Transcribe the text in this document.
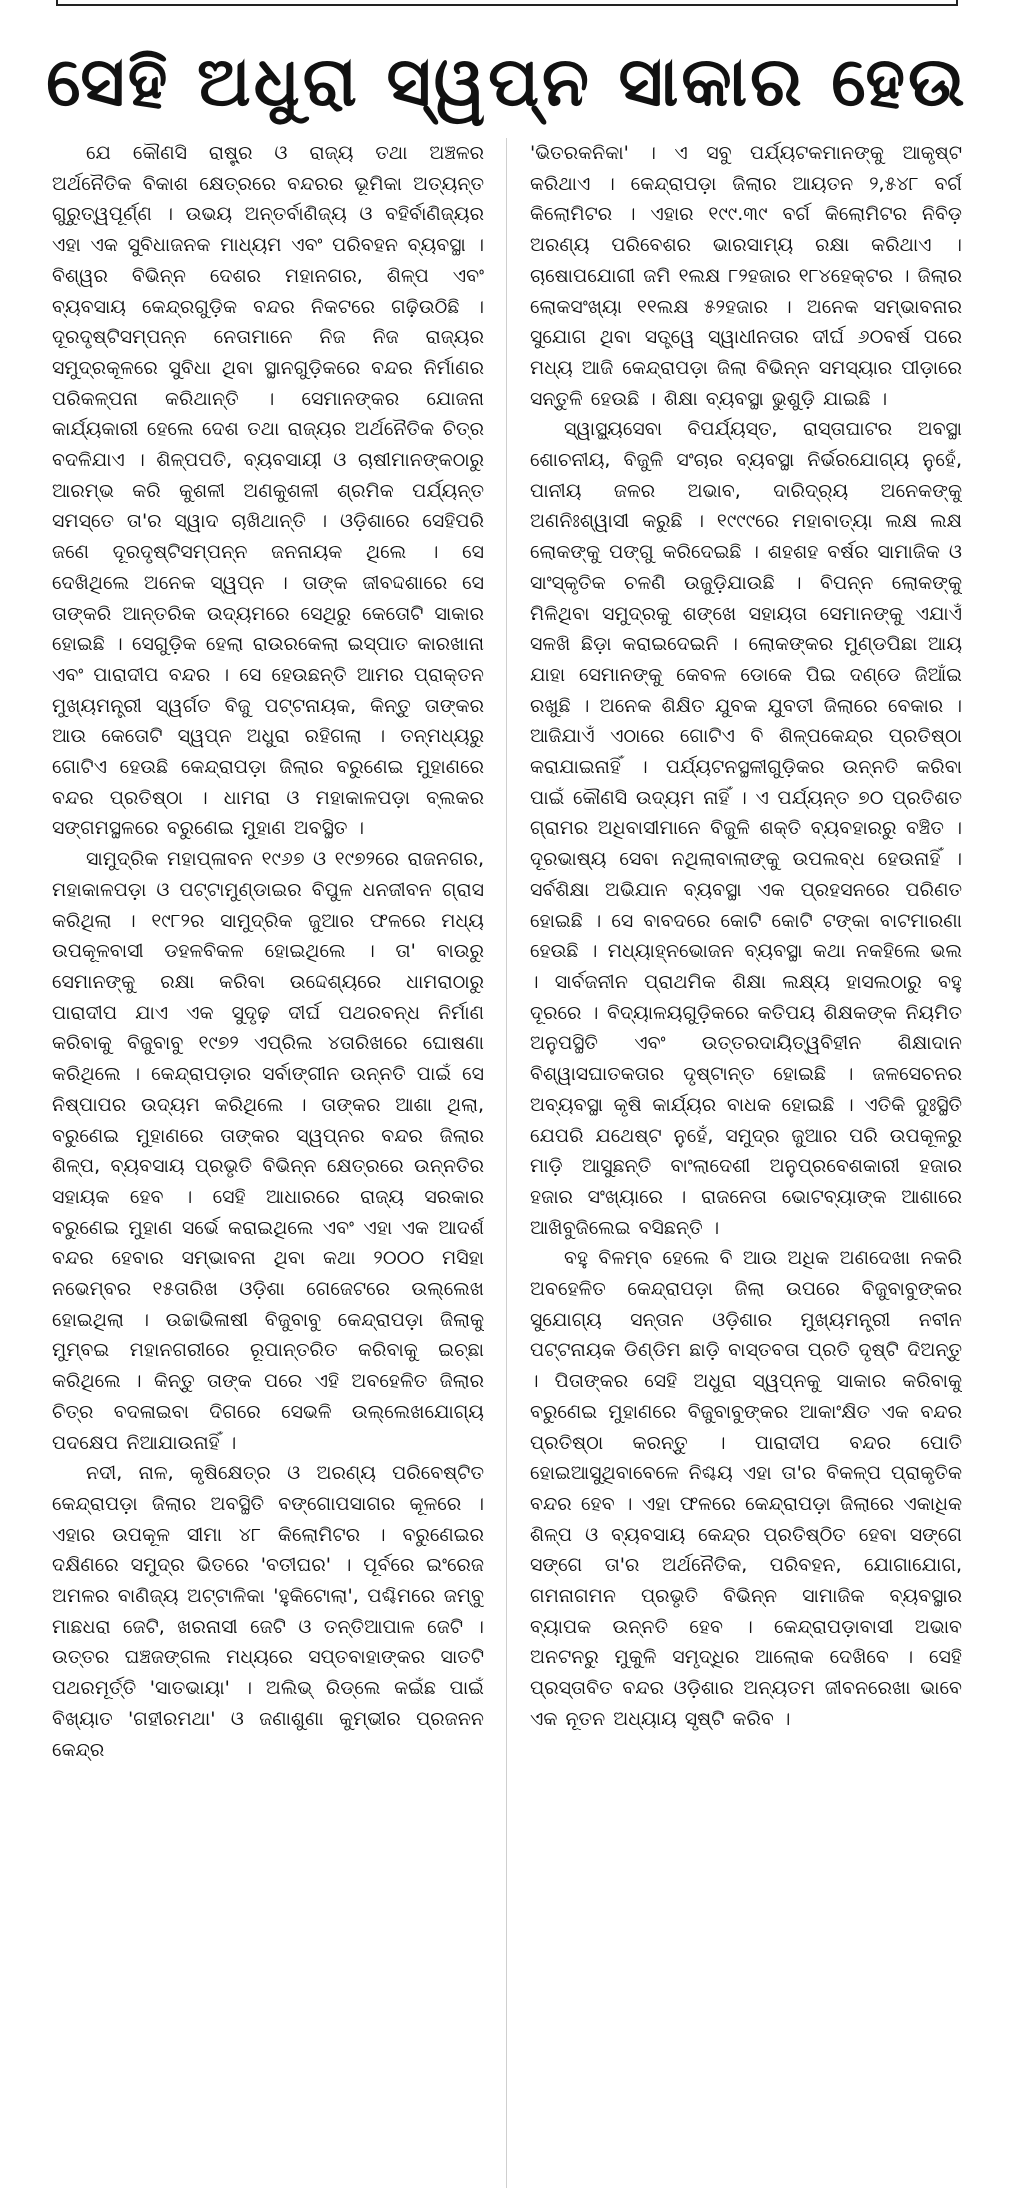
ସେହି ଅଧୁରା ସ୍ୱପ୍ନ ସାକାର ହେଉ

ଯେ କୌଣସି ରାଷ୍ଟ୍ର ଓ ରାଜ୍ୟ ତଥା ଅଞ୍ଚଳର ଅର୍ଥନୈତିକ ବିକାଶ କ୍ଷେତ୍ରରେ ବନ୍ଦରର ଭୂମିକା ଅତ୍ୟନ୍ତ ଗୁରୁତ୍ୱପୂର୍ଣ୍ଣ । ଉଭୟ ଅନ୍ତର୍ବାଣିଜ୍ୟ ଓ ବହିର୍ବାଣିଜ୍ୟର ଏହା ଏକ ସୁବିଧାଜନକ ମାଧ୍ୟମ ଏବଂ ପରିବହନ ବ୍ୟବସ୍ଥା । ବିଶ୍ୱର ବିଭିନ୍ନ ଦେଶର ମହାନଗର, ଶିଳ୍ପ ଏବଂ ବ୍ୟବସାୟ କେନ୍ଦ୍ରଗୁଡ଼ିକ ବନ୍ଦର ନିକଟରେ ଗଢ଼ିଉଠିଛି । ଦୂରଦୃଷ୍ଟିସମ୍ପନ୍ନ ନେତାମାନେ ନିଜ ନିଜ ରାଜ୍ୟର ସମୁଦ୍ରକୂଳରେ ସୁବିଧା ଥିବା ସ୍ଥାନଗୁଡ଼ିକରେ ବନ୍ଦର ନିର୍ମାଣର ପରିକଳ୍ପନା କରିଥାନ୍ତି । ସେମାନଙ୍କର ଯୋଜନା କାର୍ଯ୍ୟକାରୀ ହେଲେ ଦେଶ ତଥା ରାଜ୍ୟର ଅର୍ଥନୈତିକ ଚିତ୍ର ବଦଳିଯାଏ । ଶିଳ୍ପପତି, ବ୍ୟବସାୟୀ ଓ ଚାଷୀମାନଙ୍କଠାରୁ ଆରମ୍ଭ କରି କୁଶଳୀ ଅଣକୁଶଳୀ ଶ୍ରମିକ ପର୍ଯ୍ୟନ୍ତ ସମସ୍ତେ ତା'ର ସ୍ୱାଦ ଚାଖିଥାନ୍ତି । ଓଡ଼ିଶାରେ ସେହିପରି ଜଣେ ଦୂରଦୃଷ୍ଟିସମ୍ପନ୍ନ ଜନନାୟକ ଥିଲେ । ସେ ଦେଖିଥିଲେ ଅନେକ ସ୍ୱପ୍ନ । ତାଙ୍କ ଜୀବଦ୍ଦଶାରେ ସେ ତାଙ୍କରି ଆନ୍ତରିକ ଉଦ୍ୟମରେ ସେଥିରୁ କେତୋଟି ସାକାର ହୋଇଛି । ସେଗୁଡ଼ିକ ହେଲା ରାଉରକେଲା ଇସ୍ପାତ କାରଖାନା ଏବଂ ପାରାଦୀପ ବନ୍ଦର । ସେ ହେଉଛନ୍ତି ଆମର ପ୍ରାକ୍ତନ ମୁଖ୍ୟମନ୍ତ୍ରୀ ସ୍ୱର୍ଗତ ବିଜୁ ପଟ୍ଟନାୟକ, କିନ୍ତୁ ତାଙ୍କର ଆଉ କେତୋଟି ସ୍ୱପ୍ନ ଅଧୁରା ରହିଗଲା । ତନ୍ମଧ୍ୟରୁ ଗୋଟିଏ ହେଉଛି କେନ୍ଦ୍ରାପଡ଼ା ଜିଲାର ବରୁଣେଇ ମୁହାଣରେ ବନ୍ଦର ପ୍ରତିଷ୍ଠା । ଧାମରା ଓ ମହାକାଳପଡ଼ା ବ୍ଲକର ସଙ୍ଗମସ୍ଥଳରେ ବରୁଣେଇ ମୁହାଣ ଅବସ୍ଥିତ ।

ସାମୁଦ୍ରିକ ମହାପ୍ଳାବନ ୧୯୬୭ ଓ ୧୯୭୨ରେ ରାଜନଗର, ମହାକାଳପଡ଼ା ଓ ପଟ୍ଟାମୁଣ୍ଡାଇର ବିପୁଳ ଧନଜୀବନ ଗ୍ରାସ କରିଥିଲା । ୧୯୮୨ର ସାମୁଦ୍ରିକ ଜୁଆର ଫଳରେ ମଧ୍ୟ ଉପକୂଳବାସୀ ଡହଳବିକଳ ହୋଇଥିଲେ । ତା' ବାଉରୁ ସେମାନଙ୍କୁ ରକ୍ଷା କରିବା ଉଦ୍ଦେଶ୍ୟରେ ଧାମରାଠାରୁ ପାରାଦୀପ ଯାଏ ଏକ ସୁଦୃଢ଼ ଦୀର୍ଘ ପଥରବନ୍ଧ ନିର୍ମାଣ କରିବାକୁ ବିଜୁବାବୁ ୧୯୭୨ ଏପ୍ରିଲ ୪ତାରିଖରେ ଘୋଷଣା କରିଥିଲେ । କେନ୍ଦ୍ରାପଡ଼ାର ସର୍ବାଙ୍ଗୀନ ଉନ୍ନତି ପାଇଁ ସେ ନିଷ୍ପାପର ଉଦ୍ୟମ କରିଥିଲେ । ତାଙ୍କର ଆଶା ଥିଲା, ବରୁଣେଇ ମୁହାଣରେ ତାଙ୍କର ସ୍ୱପ୍ନର ବନ୍ଦର ଜିଲାର ଶିଳ୍ପ, ବ୍ୟବସାୟ ପ୍ରଭୃତି ବିଭିନ୍ନ କ୍ଷେତ୍ରରେ ଉନ୍ନତିର ସହାୟକ ହେବ । ସେହି ଆଧାରରେ ରାଜ୍ୟ ସରକାର ବରୁଣେଇ ମୁହାଣ ସର୍ଭେ କରାଇଥିଲେ ଏବଂ ଏହା ଏକ ଆଦର୍ଶ ବନ୍ଦର ହେବାର ସମ୍ଭାବନା ଥିବା କଥା ୨୦୦୦ ମସିହା ନଭେମ୍ବର ୧୫ତାରିଖ ଓଡ଼ିଶା ଗେଜେଟରେ ଉଲ୍ଲେଖ ହୋଇଥିଲା । ଉଚ୍ଚାଭିଳାଷୀ ବିଜୁବାବୁ କେନ୍ଦ୍ରାପଡ଼ା ଜିଲାକୁ ମୁମ୍ବଇ ମହାନଗରୀରେ ରୂପାନ୍ତରିତ କରିବାକୁ ଇଚ୍ଛା କରିଥିଲେ । କିନ୍ତୁ ତାଙ୍କ ପରେ ଏହି ଅବହେଳିତ ଜିଲାର ଚିତ୍ର ବଦଳାଇବା ଦିଗରେ ସେଭଳି ଉଲ୍ଲେଖଯୋଗ୍ୟ ପଦକ୍ଷେପ ନିଆଯାଉନାହିଁ ।

ନଦୀ, ନାଳ, କୃଷିକ୍ଷେତ୍ର ଓ ଅରଣ୍ୟ ପରିବେଷ୍ଟିତ କେନ୍ଦ୍ରାପଡ଼ା ଜିଲାର ଅବସ୍ଥିତି ବଙ୍ଗୋପସାଗର କୂଳରେ । ଏହାର ଉପକୂଳ ସୀମା ୪୮ କିଲୋମିଟର । ବରୁଣେଇର ଦକ୍ଷିଣରେ ସମୁଦ୍ର ଭିତରେ 'ବତୀଘର' । ପୂର୍ବରେ ଇଂରେଜ ଅମଳର ବାଣିଜ୍ୟ ଅଟ୍ଟାଳିକା 'ହୁକିଟୋଲା', ପଶ୍ଚିମରେ ଜମ୍ବୁ ମାଛଧରା ଜେଟି, ଖରନାସୀ ଜେଟି ଓ ତନ୍ତିଆପାଳ ଜେଟି । ଉତ୍ତର ଘଞ୍ଚଜଙ୍ଗଲ ମଧ୍ୟରେ ସପ୍ତବାହାଙ୍କର ସାତଟି ପଥରମୂର୍ତ୍ତି 'ସାତଭାୟା' । ଅଲିଭ୍ ରିଡ୍ଲେ କଇଁଛ ପାଇଁ ବିଖ୍ୟାତ 'ଗହୀରମଥା' ଓ ଜଣାଶୁଣା କୁମ୍ଭୀର ପ୍ରଜନନ କେନ୍ଦ୍ର

'ଭିତରକନିକା' । ଏ ସବୁ ପର୍ଯ୍ୟଟକମାନଙ୍କୁ ଆକୃଷ୍ଟ କରିଥାଏ । କେନ୍ଦ୍ରାପଡ଼ା ଜିଲାର ଆୟତନ ୨,୫୪୮ ବର୍ଗ କିଲୋମିଟର । ଏହାର ୧୯୯.୩୯ ବର୍ଗ କିଲୋମିଟର ନିବିଡ଼ ଅରଣ୍ୟ ପରିବେଶର ଭାରସାମ୍ୟ ରକ୍ଷା କରିଥାଏ । ଚାଷୋପଯୋଗୀ ଜମି ୧ଲକ୍ଷ ୮୨ହଜାର ୧୮୪ହେକ୍ଟର । ଜିଲାର ଲୋକସଂଖ୍ୟା ୧୧ଲକ୍ଷ ୫୨ହଜାର । ଅନେକ ସମ୍ଭାବନାର ସୁଯୋଗ ଥିବା ସତ୍ତ୍ୱେ ସ୍ୱାଧୀନତାର ଦୀର୍ଘ ୬୦ବର୍ଷ ପରେ ମଧ୍ୟ ଆଜି କେନ୍ଦ୍ରାପଡ଼ା ଜିଲା ବିଭିନ୍ନ ସମସ୍ୟାର ପୀଡ଼ାରେ ସନ୍ତୁଳି ହେଉଛି । ଶିକ୍ଷା ବ୍ୟବସ୍ଥା ଭୁଶୁଡ଼ି ଯାଇଛି ।

ସ୍ୱାସ୍ଥ୍ୟସେବା ବିପର୍ଯ୍ୟସ୍ତ, ରାସ୍ତାଘାଟର ଅବସ୍ଥା ଶୋଚନୀୟ, ବିଜୁଳି ସଂଚାର ବ୍ୟବସ୍ଥା ନିର୍ଭରଯୋଗ୍ୟ ନୁହେଁ, ପାନୀୟ ଜଳର ଅଭାବ, ଦାରିଦ୍ର୍ୟ ଅନେକଙ୍କୁ ଅଣନିଃଶ୍ୱାସୀ କରୁଛି । ୧୯୯୯ରେ ମହାବାତ୍ୟା ଲକ୍ଷ ଲକ୍ଷ ଲୋକଙ୍କୁ ପଙ୍ଗୁ କରିଦେଇଛି । ଶହଶହ ବର୍ଷର ସାମାଜିକ ଓ ସାଂସ୍କୃତିକ ଚଳଣି ଉଜୁଡ଼ିଯାଉଛି । ବିପନ୍ନ ଲୋକଙ୍କୁ ମିଳିଥିବା ସମୁଦ୍ରକୁ ଶଙ୍ଖେ ସହାୟତା ସେମାନଙ୍କୁ ଏଯାଏଁ ସଳଖି ଛିଡ଼ା କରାଇଦେଇନି । ଲୋକଙ୍କର ମୁଣ୍ଡପିଛା ଆୟ ଯାହା ସେମାନଙ୍କୁ କେବଳ ଡୋକେ ପିଇ ଦଣ୍ଡେ ଜିଆଁଇ ରଖୁଛି । ଅନେକ ଶିକ୍ଷିତ ଯୁବକ ଯୁବତୀ ଜିଲାରେ ବେକାର । ଆଜିଯାଏଁ ଏଠାରେ ଗୋଟିଏ ବି ଶିଳ୍ପକେନ୍ଦ୍ର ପ୍ରତିଷ୍ଠା କରାଯାଇନାହିଁ । ପର୍ଯ୍ୟଟନସ୍ଥଳୀଗୁଡ଼ିକର ଉନ୍ନତି କରିବା ପାଇଁ କୌଣସି ଉଦ୍ୟମ ନାହିଁ । ଏ ପର୍ଯ୍ୟନ୍ତ ୭୦ ପ୍ରତିଶତ ଗ୍ରାମର ଅଧିବାସୀମାନେ ବିଜୁଳି ଶକ୍ତି ବ୍ୟବହାରରୁ ବଞ୍ଚିତ । ଦୂରଭାଷ୍ୟ ସେବା ନଥିଲାବାଲାଙ୍କୁ ଉପଲବ୍ଧ ହେଉନାହିଁ । ସର୍ବଶିକ୍ଷା ଅଭିଯାନ ବ୍ୟବସ୍ଥା ଏକ ପ୍ରହସନରେ ପରିଣତ ହୋଇଛି । ସେ ବାବଦରେ କୋଟି କୋଟି ଟଙ୍କା ବାଟମାରଣା ହେଉଛି । ମଧ୍ୟାହ୍ନଭୋଜନ ବ୍ୟବସ୍ଥା କଥା ନକହିଲେ ଭଲ । ସାର୍ବଜନୀନ ପ୍ରାଥମିକ ଶିକ୍ଷା ଲକ୍ଷ୍ୟ ହାସଲଠାରୁ ବହୁ ଦୂରରେ । ବିଦ୍ୟାଳୟଗୁଡ଼ିକରେ କତିପୟ ଶିକ୍ଷକଙ୍କ ନିୟମିତ ଅନୁପସ୍ଥିତି ଏବଂ ଉତ୍ତରଦାୟିତ୍ୱବିହୀନ ଶିକ୍ଷାଦାନ ବିଶ୍ୱାସଘାତକତାର ଦୃଷ୍ଟାନ୍ତ ହୋଇଛି । ଜଳସେଚନର ଅବ୍ୟବସ୍ଥା କୃଷି କାର୍ଯ୍ୟର ବାଧକ ହୋଇଛି । ଏତିକି ଦୁଃସ୍ଥିତି ଯେପରି ଯଥେଷ୍ଟ ନୁହେଁ, ସମୁଦ୍ର ଜୁଆର ପରି ଉପକୂଳରୁ ମାଡ଼ି ଆସୁଛନ୍ତି ବାଂଲାଦେଶୀ ଅନୁପ୍ରବେଶକାରୀ ହଜାର ହଜାର ସଂଖ୍ୟାରେ । ରାଜନେତା ଭୋଟବ୍ୟାଙ୍କ ଆଶାରେ ଆଖିବୁଜିଲେଇ ବସିଛନ୍ତି ।

ବହୁ ବିଳମ୍ବ ହେଲେ ବି ଆଉ ଅଧିକ ଅଣଦେଖା ନକରି ଅବହେଳିତ କେନ୍ଦ୍ରାପଡ଼ା ଜିଲା ଉପରେ ବିଜୁବାବୁଙ୍କର ସୁଯୋଗ୍ୟ ସନ୍ତାନ ଓଡ଼ିଶାର ମୁଖ୍ୟମନ୍ତ୍ରୀ ନବୀନ ପଟ୍ଟନାୟକ ଡିଣ୍ଡିମ ଛାଡ଼ି ବାସ୍ତବତା ପ୍ରତି ଦୃଷ୍ଟି ଦିଅନ୍ତୁ । ପିତାଙ୍କର ସେହି ଅଧୁରା ସ୍ୱପ୍ନକୁ ସାକାର କରିବାକୁ ବରୁଣେଇ ମୁହାଣରେ ବିଜୁବାବୁଙ୍କର ଆକାଂକ୍ଷିତ ଏକ ବନ୍ଦର ପ୍ରତିଷ୍ଠା କରନ୍ତୁ । ପାରାଦୀପ ବନ୍ଦର ପୋତି ହୋଇଆସୁଥିବାବେଳେ ନିଶ୍ଚୟ ଏହା ତା'ର ବିକଳ୍ପ ପ୍ରାକୃତିକ ବନ୍ଦର ହେବ । ଏହା ଫଳରେ କେନ୍ଦ୍ରାପଡ଼ା ଜିଲାରେ ଏକାଧିକ ଶିଳ୍ପ ଓ ବ୍ୟବସାୟ କେନ୍ଦ୍ର ପ୍ରତିଷ୍ଠିତ ହେବା ସଙ୍ଗେ ସଙ୍ଗେ ତା'ର ଅର୍ଥନୈତିକ, ପରିବହନ, ଯୋଗାଯୋଗ, ଗମନାଗମନ ପ୍ରଭୃତି ବିଭିନ୍ନ ସାମାଜିକ ବ୍ୟବସ୍ଥାର ବ୍ୟାପକ ଉନ୍ନତି ହେବ । କେନ୍ଦ୍ରାପଡ଼ାବାସୀ ଅଭାବ ଅନଟନରୁ ମୁକୁଳି ସମୃଦ୍ଧିର ଆଲୋକ ଦେଖିବେ । ସେହି ପ୍ରସ୍ତାବିତ ବନ୍ଦର ଓଡ଼ିଶାର ଅନ୍ୟତମ ଜୀବନରେଖା ଭାବେ ଏକ ନୂତନ ଅଧ୍ୟାୟ ସୃଷ୍ଟି କରିବ ।
